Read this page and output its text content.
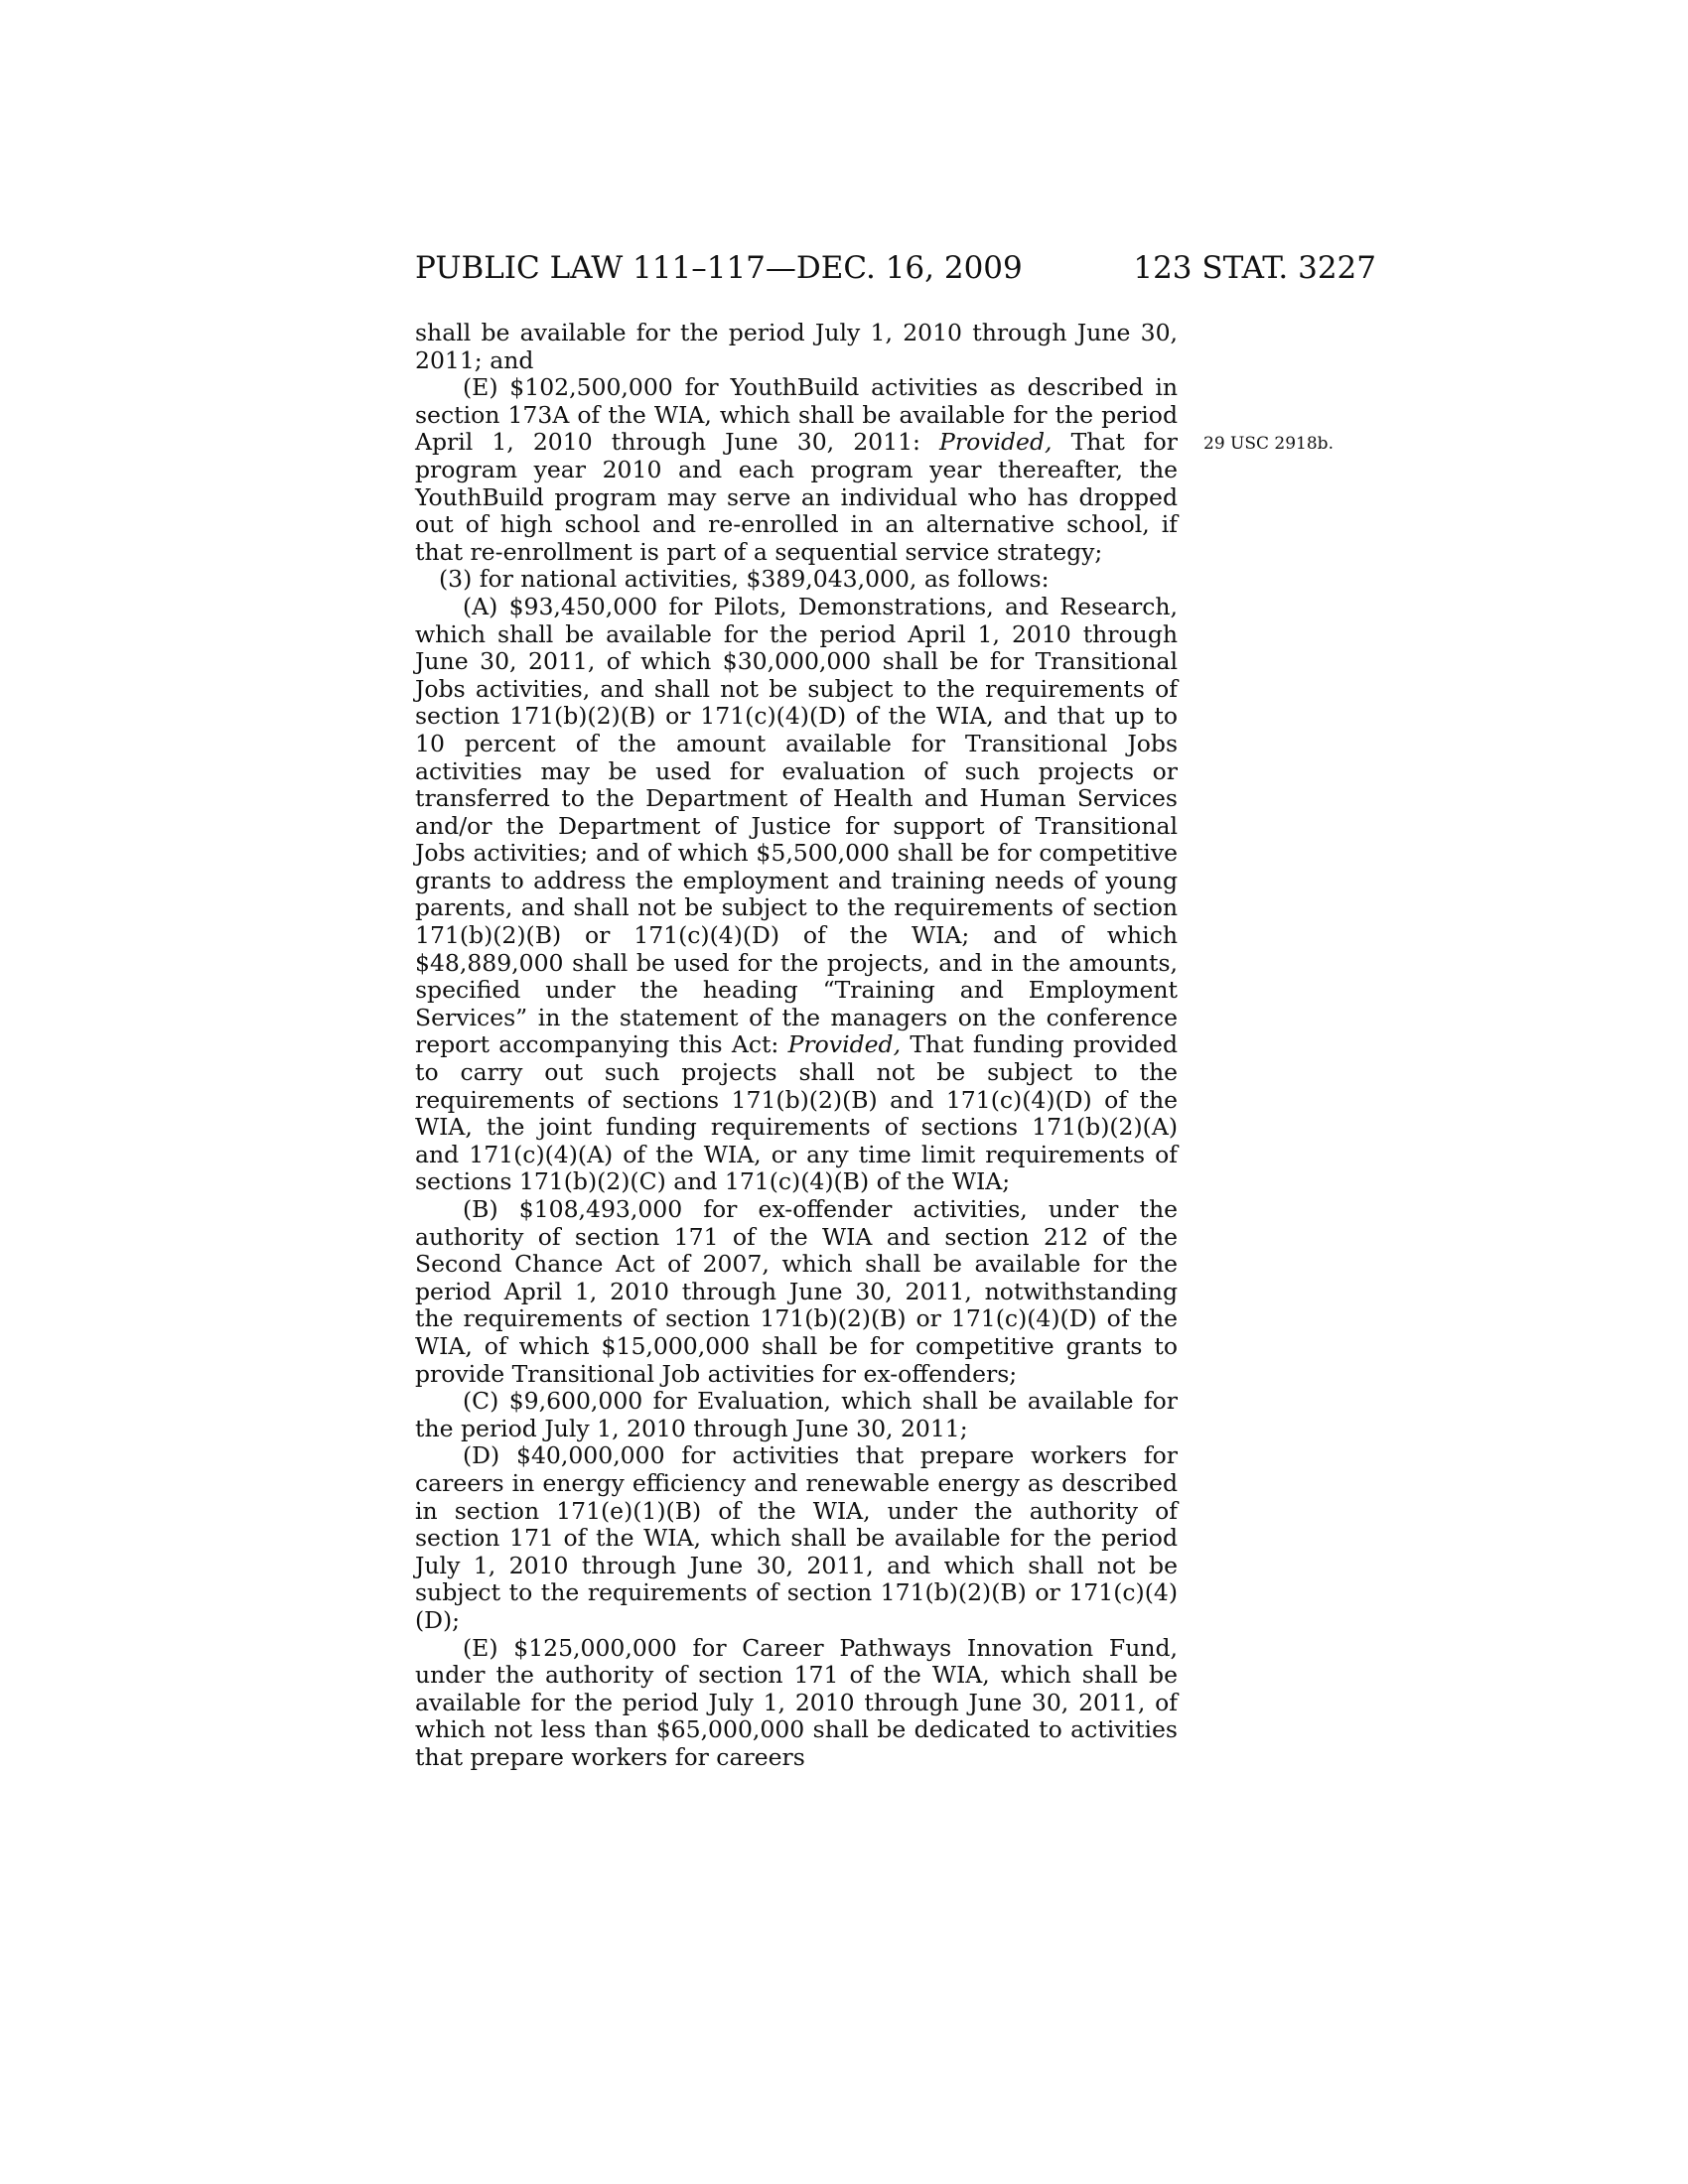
PUBLIC LAW 111–117—DEC. 16, 2009	123 STAT. 3227
29 USC 2918b.

shall be available for the period July 1, 2010 through June 30, 2011; and

(E) $102,500,000 for YouthBuild activities as described in section 173A of the WIA, which shall be available for the period April 1, 2010 through June 30, 2011: Provided, That for program year 2010 and each program year thereafter, the YouthBuild program may serve an individual who has dropped out of high school and re-enrolled in an alternative school, if that re-enrollment is part of a sequential service strategy;

(3) for national activities, $389,043,000, as follows:

(A) $93,450,000 for Pilots, Demonstrations, and Research, which shall be available for the period April 1, 2010 through June 30, 2011, of which $30,000,000 shall be for Transitional Jobs activities, and shall not be subject to the requirements of section 171(b)(2)(B) or 171(c)(4)(D) of the WIA, and that up to 10 percent of the amount available for Transitional Jobs activities may be used for evaluation of such projects or transferred to the Department of Health and Human Services and/or the Department of Justice for support of Transitional Jobs activities; and of which $5,500,000 shall be for competitive grants to address the employment and training needs of young parents, and shall not be subject to the requirements of section 171(b)(2)(B) or 171(c)(4)(D) of the WIA; and of which $48,889,000 shall be used for the projects, and in the amounts, specified under the heading “Training and Employment Services” in the statement of the managers on the conference report accompanying this Act: Provided, That funding provided to carry out such projects shall not be subject to the requirements of sections 171(b)(2)(B) and 171(c)(4)(D) of the WIA, the joint funding requirements of sections 171(b)(2)(A) and 171(c)(4)(A) of the WIA, or any time limit requirements of sections 171(b)(2)(C) and 171(c)(4)(B) of the WIA;

(B) $108,493,000 for ex-offender activities, under the authority of section 171 of the WIA and section 212 of the Second Chance Act of 2007, which shall be available for the period April 1, 2010 through June 30, 2011, notwithstanding the requirements of section 171(b)(2)(B) or 171(c)(4)(D) of the WIA, of which $15,000,000 shall be for competitive grants to provide Transitional Job activities for ex-offenders;

(C) $9,600,000 for Evaluation, which shall be available for the period July 1, 2010 through June 30, 2011;

(D) $40,000,000 for activities that prepare workers for careers in energy efficiency and renewable energy as described in section 171(e)(1)(B) of the WIA, under the authority of section 171 of the WIA, which shall be available for the period July 1, 2010 through June 30, 2011, and which shall not be subject to the requirements of section 171(b)(2)(B) or 171(c)(4)(D);

(E) $125,000,000 for Career Pathways Innovation Fund, under the authority of section 171 of the WIA, which shall be available for the period July 1, 2010 through June 30, 2011, of which not less than $65,000,000 shall be dedicated to activities that prepare workers for careers
